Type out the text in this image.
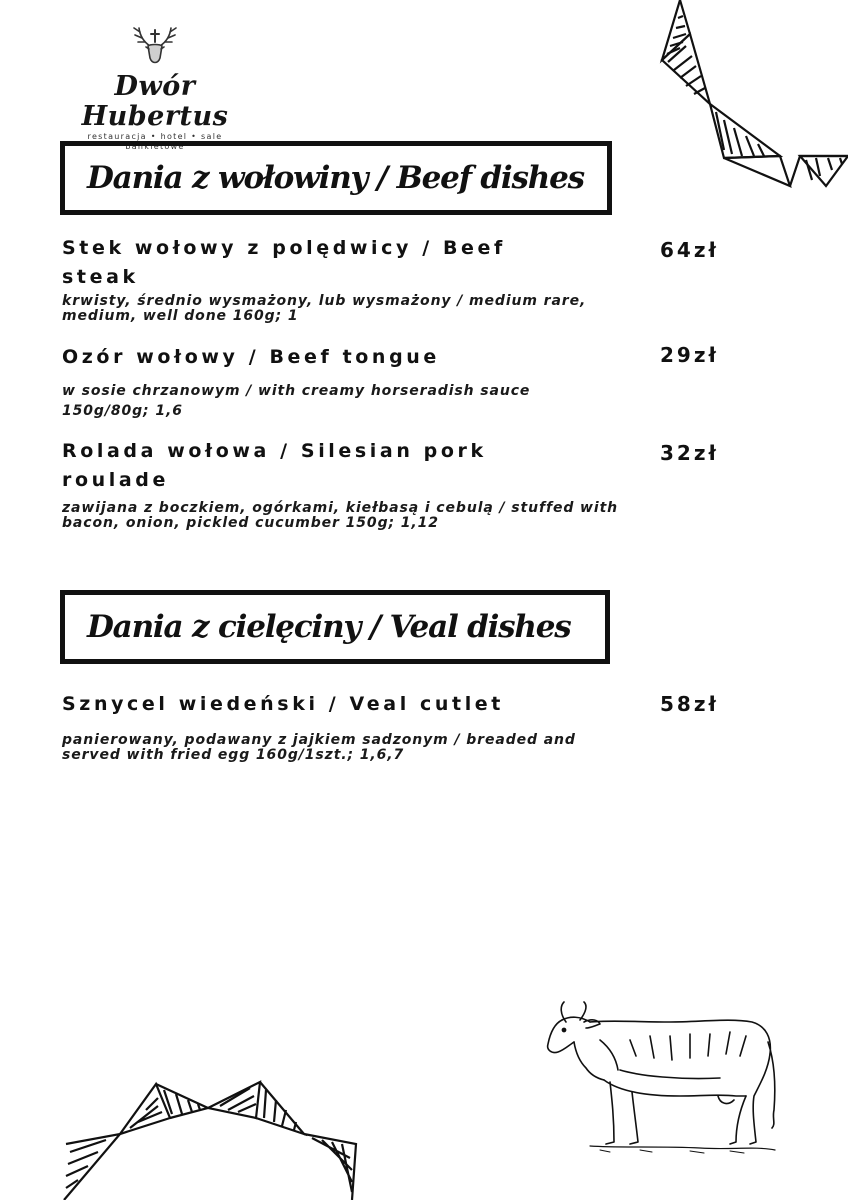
Dwór Hubertus
restauracja • hotel • sale bankietowe
Dania z wołowiny / Beef dishes
Stek wołowy z polędwicy / Beef steak
krwisty, średnio wysmażony, lub wysmażony / medium rare, medium, well done 160g; 1
64zł
Ozór wołowy / Beef tongue
w sosie chrzanowym / with creamy horseradish sauce 150g/80g; 1,6
29zł
Rolada wołowa / Silesian pork roulade
zawijana z boczkiem, ogórkami, kiełbasą i cebulą / stuffed with bacon, onion, pickled cucumber 150g; 1,12
32zł
Dania z cielęciny / Veal dishes
Sznycel wiedeński / Veal cutlet
panierowany, podawany z jajkiem sadzonym / breaded and served with fried egg 160g/1szt.; 1,6,7
58zł
